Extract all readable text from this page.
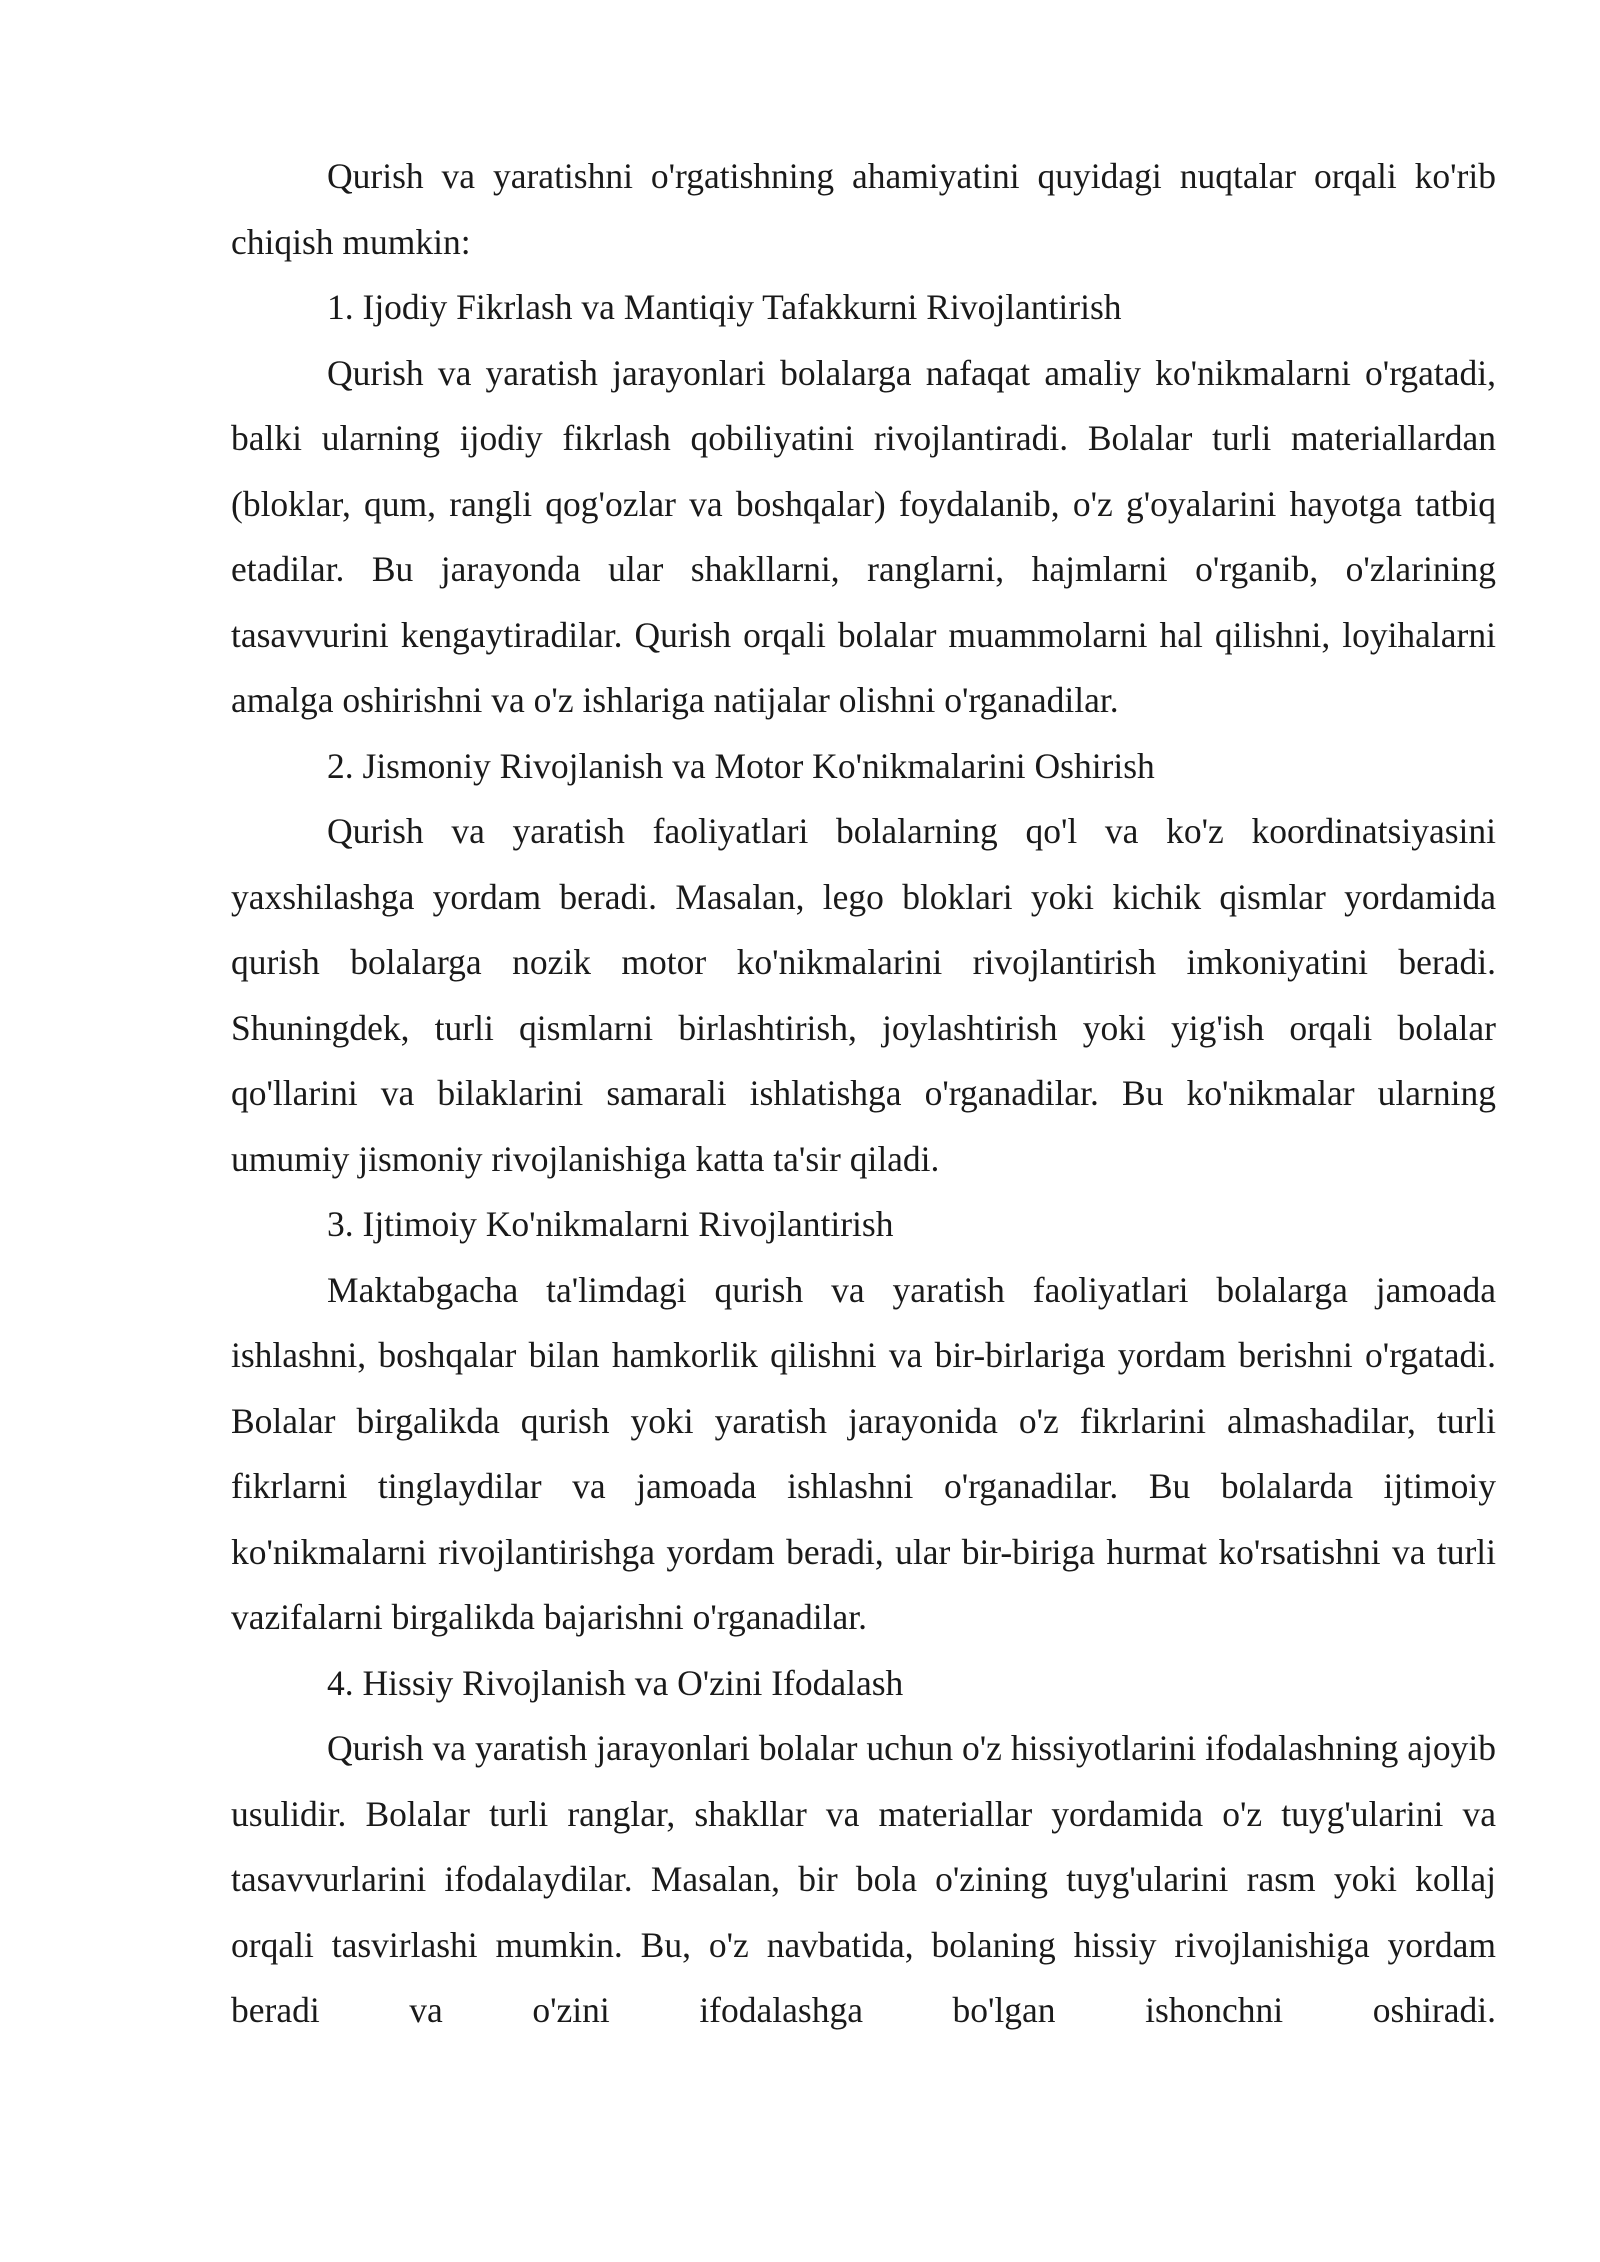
Qurish va yaratishni o'rgatishning ahamiyatini quyidagi nuqtalar orqali ko'rib chiqish mumkin:

1. Ijodiy Fikrlash va Mantiqiy Tafakkurni Rivojlantirish

Qurish va yaratish jarayonlari bolalarga nafaqat amaliy ko'nikmalarni o'rgatadi, balki ularning ijodiy fikrlash qobiliyatini rivojlantiradi. Bolalar turli materiallardan (bloklar, qum, rangli qog'ozlar va boshqalar) foydalanib, o'z g'oyalarini hayotga tatbiq etadilar. Bu jarayonda ular shakllarni, ranglarni, hajmlarni o'rganib, o'zlarining tasavvurini kengaytiradilar. Qurish orqali bolalar muammolarni hal qilishni, loyihalarni amalga oshirishni va o'z ishlariga natijalar olishni o'rganadilar.

2. Jismoniy Rivojlanish va Motor Ko'nikmalarini Oshirish

Qurish va yaratish faoliyatlari bolalarning qo'l va ko'z koordinatsiyasini yaxshilashga yordam beradi. Masalan, lego bloklari yoki kichik qismlar yordamida qurish bolalarga nozik motor ko'nikmalarini rivojlantirish imkoniyatini beradi. Shuningdek, turli qismlarni birlashtirish, joylashtirish yoki yig'ish orqali bolalar qo'llarini va bilaklarini samarali ishlatishga o'rganadilar. Bu ko'nikmalar ularning umumiy jismoniy rivojlanishiga katta ta'sir qiladi.

3. Ijtimoiy Ko'nikmalarni Rivojlantirish

Maktabgacha ta'limdagi qurish va yaratish faoliyatlari bolalarga jamoada ishlashni, boshqalar bilan hamkorlik qilishni va bir-birlariga yordam berishni o'rgatadi. Bolalar birgalikda qurish yoki yaratish jarayonida o'z fikrlarini almashadilar, turli fikrlarni tinglaydilar va jamoada ishlashni o'rganadilar. Bu bolalarda ijtimoiy ko'nikmalarni rivojlantirishga yordam beradi, ular bir-biriga hurmat ko'rsatishni va turli vazifalarni birgalikda bajarishni o'rganadilar.

4. Hissiy Rivojlanish va O'zini Ifodalash

Qurish va yaratish jarayonlari bolalar uchun o'z hissiyotlarini ifodalashning ajoyib usulidir. Bolalar turli ranglar, shakllar va materiallar yordamida o'z tuyg'ularini va tasavvurlarini ifodalaydilar. Masalan, bir bola o'zining tuyg'ularini rasm yoki kollaj orqali tasvirlashi mumkin. Bu, o'z navbatida, bolaning hissiy rivojlanishiga yordam beradi va o'zini ifodalashga bo'lgan ishonchni oshiradi.
